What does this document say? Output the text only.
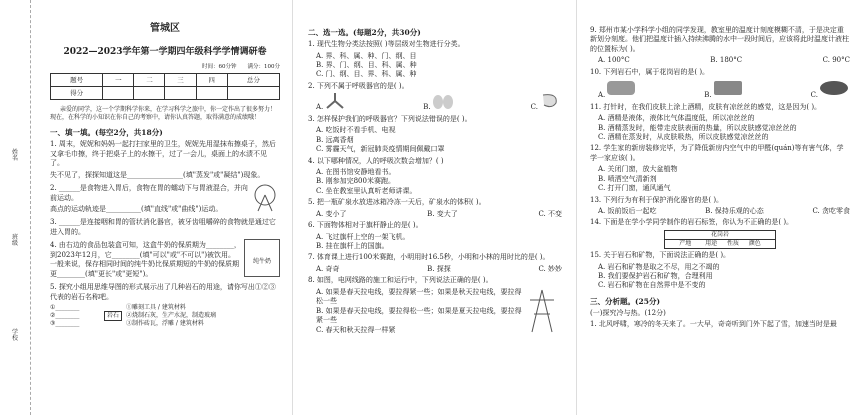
姓名
班级
学校
管城区
2022—2023学年第一学期四年级科学学情调研卷
时间：60分钟　　满分：100分
题号	一	二	三	四	总分
得分					
亲爱的同学，这一个学期科学你来，在学习科学之旅中，你一定作出了很多努力！现在，在科学的小知识在你自己的考察中，请你认真答题，取得满意的成绩哦！
一、填一填。(每空2分，共18分)
1. 周末，妮妮和妈妈一起打扫家里的卫生，妮妮先用湿抹布擦桌子，然后又拿毛巾擦，终于把桌子上的水擦干，过了一会儿，桌面上的水渍不见了。
失不见了，探探知道这是________________(填"蒸发"或"凝结")现象。
2. ______是食物进入胃后，食物在胃的蠕动下与胃液混合，并向前运动。
高点的运动轨迹是__________(填"直线"或"曲线")运动。
3. ______是连接咽和胃的管状消化器官，被牙齿咀嚼碎的食物就是通过它进入胃的。
4. 由右边的食品包装盒可知，这盒牛奶的保质期为________，到2023年12月，它________(填"可以"或"不可以")被饮用。一般来说，保存相同时间的纯牛奶比保质期短的牛奶的保质期更________(填"更长"或"更短")。
纯牛奶
5. 探究小组用思维导图的形式展示出了几种岩石的用途，请你写出①②③代表的岩石名称吧。
①________
②________
③________
岩石
①雕刻工具 / 建筑材料
②烧制石灰，生产水泥，制造玻璃
③制作砖瓦，浮雕 / 建筑材料
二、选一选。(每题2分，共30分)
1. 现代生物分类法按照( )等层级对生物进行分类。
A. 界、科、属、种、门、纲、目
B. 界、门、纲、目、科、属、种
C. 门、纲、目、界、科、属、种
2. 下列不属于呼吸器官的是( )。
A.	B.	C.
3. 怎样保护我们的呼吸器官？下列说法错误的是( )。
A. 吃饭时不看手机、电视
B. 远离香烟
C. 雾霾天气，新冠肺炎疫情期间佩戴口罩
4. 以下哪种情况，人的呼吸次数会增加？( )
A. 在图书馆安静地看书。
B. 刚参加完800米赛跑。
C. 坐在教室里认真听老师讲课。
5. 把一瓶矿泉水放进冰箱冷冻一天后，矿泉水的体积( )。
A. 变小了	B. 变大了	C. 不变
6. 下面物体相对于旗杆静止的是( )。
A. 飞过旗杆上空的一架飞机。
B. 挂在旗杆上的国旗。
7. 体育课上进行100米赛跑，小明用时16.5秒，小明和小林的用时比的是( )。
A. 奇奇	B. 探探	C. 妙妙
8. 如图，电网线路的施工和运行中，下列说法正确的是( )。
A. 如果是春天拉电线，要拉得紧一些；如果是秋天拉电线，要拉得松一些
B. 如果是春天拉电线，要拉得松一些；如果是夏天拉电线，要拉得紧一些
C. 春天和秋天拉得一样紧
9. 郑州市某小学科学小组的同学发现，教室里的温度计刻度模糊不清，于是决定重新划分刻度。他们把温度计插入持续沸腾的水中一段时间后，应该将此时温度计液柱的位置标为( )。
A. 100°C	B. 180°C	C. 90°C
10. 下列岩石中，属于花岗岩的是( )。
A.	B.	C.
11. 打针时，在我们皮肤上涂上酒精，皮肤有凉丝丝的感觉，这是因为( )。
A. 酒精是液体，液体比气体温度低，所以凉丝丝的
B. 酒精蒸发时，能带走皮肤表面的热量，所以皮肤感觉凉丝丝的
C. 酒精在蒸发时，从皮肤吸热，所以皮肤感觉凉丝丝的
12. 学生家的新房装修完毕，为了降低新房内空气中的甲醛(quán)等有害气体，学学一家应该( )。
A. 关闭门窗，放大盆植物
B. 喷洒空气清新剂
C. 打开门窗，通风通气
13. 下列行为有利于保护消化器官的是( )。
A. 饭前饭后一起吃	B. 保持乐观的心态	C. 贪吃零食
14. 下面是在学小学同学制作的岩石标签，你认为不正确的是( )。
花岗岩
产地　　 用途 　 性质 　 颜色
15. 关于岩石和矿物，下面说法正确的是( )。
A. 岩石和矿物是取之不尽，用之不竭的
B. 我们要保护岩石和矿物，合理利用
C. 岩石和矿物在自然界中是不变的
三、分析题。(25分)
(一)探究冷与热。(12分)
1. 北风呼啸，寒冷的冬天来了。一大早，奇奇听到门外下起了雪，加速当时是最
